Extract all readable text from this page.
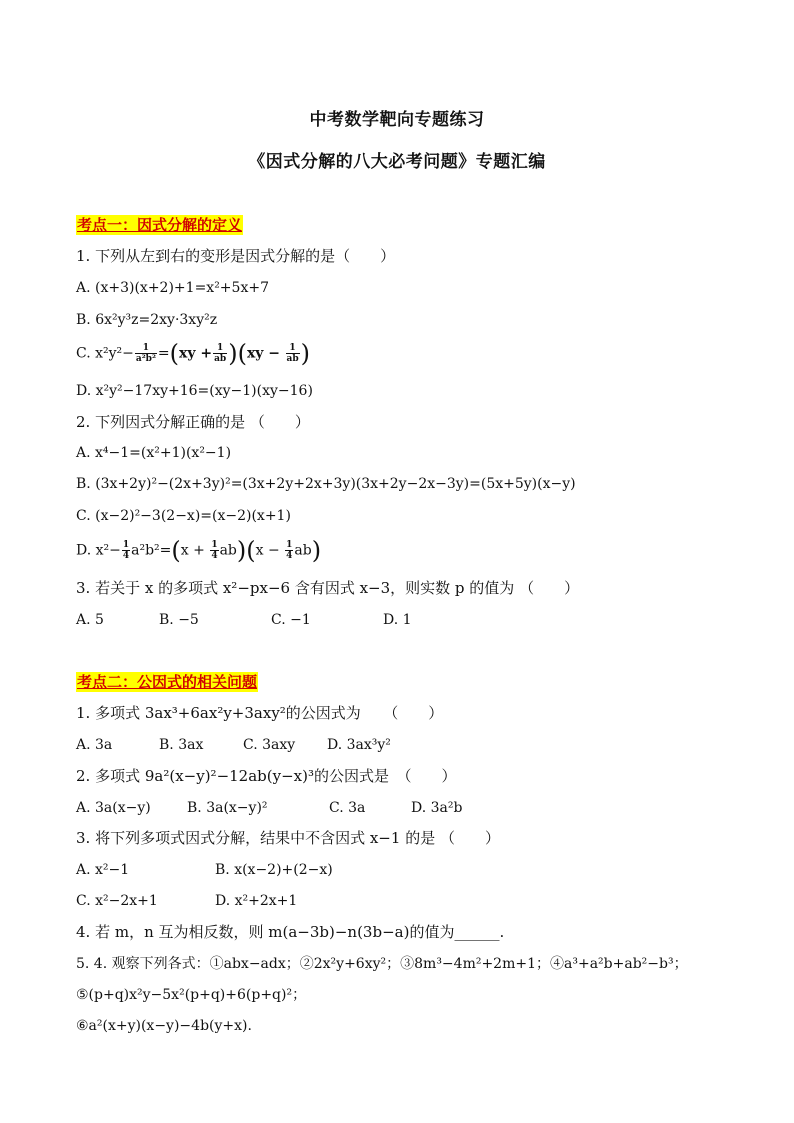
中考数学靶向专题练习
《因式分解的八大必考问题》专题汇编
考点一：因式分解的定义
1. 下列从左到右的变形是因式分解的是（　　）
A. (x+3)(x+2)+1=x²+5x+7
B. 6x²y³z=2xy·3xy²z
C. $x^2y^2- \frac{1}{\text{a²b²}} =(xy + \frac{1}{ab} )(xy - \frac{1}{ab}$ )
D. x²y²−17xy+16=(xy−1)(xy−16)
2. 下列因式分解正确的是 （　　）
A. x⁴−1=(x²+1)(x²−1)
B. (3x+2y)²−(2x+3y)²=(3x+2y+2x+3y)(3x+2y−2x−3y)=(5x+5y)(x−y)
C. (x−2)²−3(2−x)=(x−2)(x+1)
D. $x^2- \frac{1}{4} a^2b^2=(x + \frac{1}{4} ab)(x - \frac{1}{4} ab)$
3. 若关于 x 的多项式 x²−px−6 含有因式 x−3，则实数 p 的值为 （　　）
A. 5	B. −5	C. −1	D. 1
考点二：公因式的相关问题
1. 多项式 3ax³+6ax²y+3axy²的公因式为　　（　　）
A. 3a	B. 3ax	C. 3axy D. 3ax³y²
2. 多项式 9a²(x−y)²−12ab(y−x)³的公因式是　（　　）
A. 3a(x−y)	B. 3a(x−y)²	C. 3a	D. 3a²b
3. 将下列多项式因式分解，结果中不含因式 x−1 的是 （　　）
A. x²−1	B. x(x−2)+(2−x)
C. x²−2x+1	D. x²+2x+1
4. 若 m，n 互为相反数，则 m(a−3b)−n(3b−a)的值为______.
5. 4. 观察下列各式：①abx−adx；②2x²y+6xy²；③8m³−4m²+2m+1；④a³+a²b+ab²−b³；
⑤(p+q)x²y−5x²(p+q)+6(p+q)²；
⑥a²(x+y)(x−y)−4b(y+x).
